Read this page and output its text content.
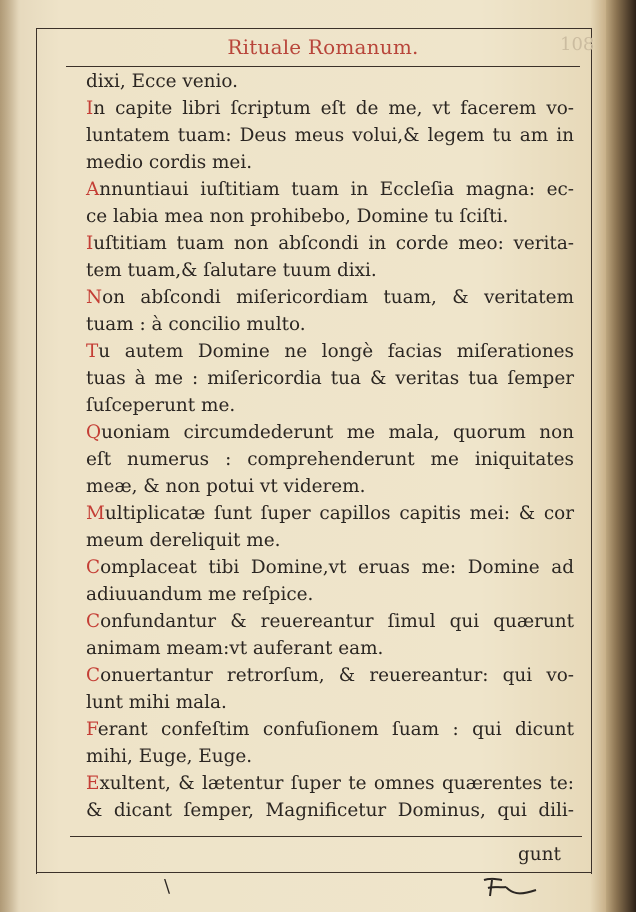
108
Rituale Romanum.
dixi, Ecce venio.
In capite libri ſcriptum eſt de me, vt facerem vo-
luntatem tuam: Deus meus volui,& legem tu am in
medio cordis mei.
Annuntiaui iuſtitiam tuam in Eccleſia magna: ec-
ce labia mea non prohibebo, Domine tu ſciſti.
Iuſtitiam tuam non abſcondi in corde meo: verita-
tem tuam,& ſalutare tuum dixi.
Non abſcondi miſericordiam tuam, & veritatem
tuam : à concilio multo.
Tu autem Domine ne longè facias miſerationes
tuas à me : miſericordia tua & veritas tua ſemper
ſuſceperunt me.
Quoniam circumdederunt me mala, quorum non
eſt numerus : comprehenderunt me iniquitates
meæ, & non potui vt viderem.
Multiplicatæ ſunt ſuper capillos capitis mei: & cor
meum dereliquit me.
Complaceat tibi Domine,vt eruas me: Domine ad
adiuuandum me reſpice.
Confundantur & reuereantur ſimul qui quærunt
animam meam:vt auferant eam.
Conuertantur retrorſum, & reuereantur: qui vo-
lunt mihi mala.
Ferant confeſtim confuſionem ſuam : qui dicunt
mihi, Euge, Euge.
Exultent, & lætentur ſuper te omnes quærentes te:
& dicant ſemper, Magnificetur Dominus, qui dili-
gunt
\
